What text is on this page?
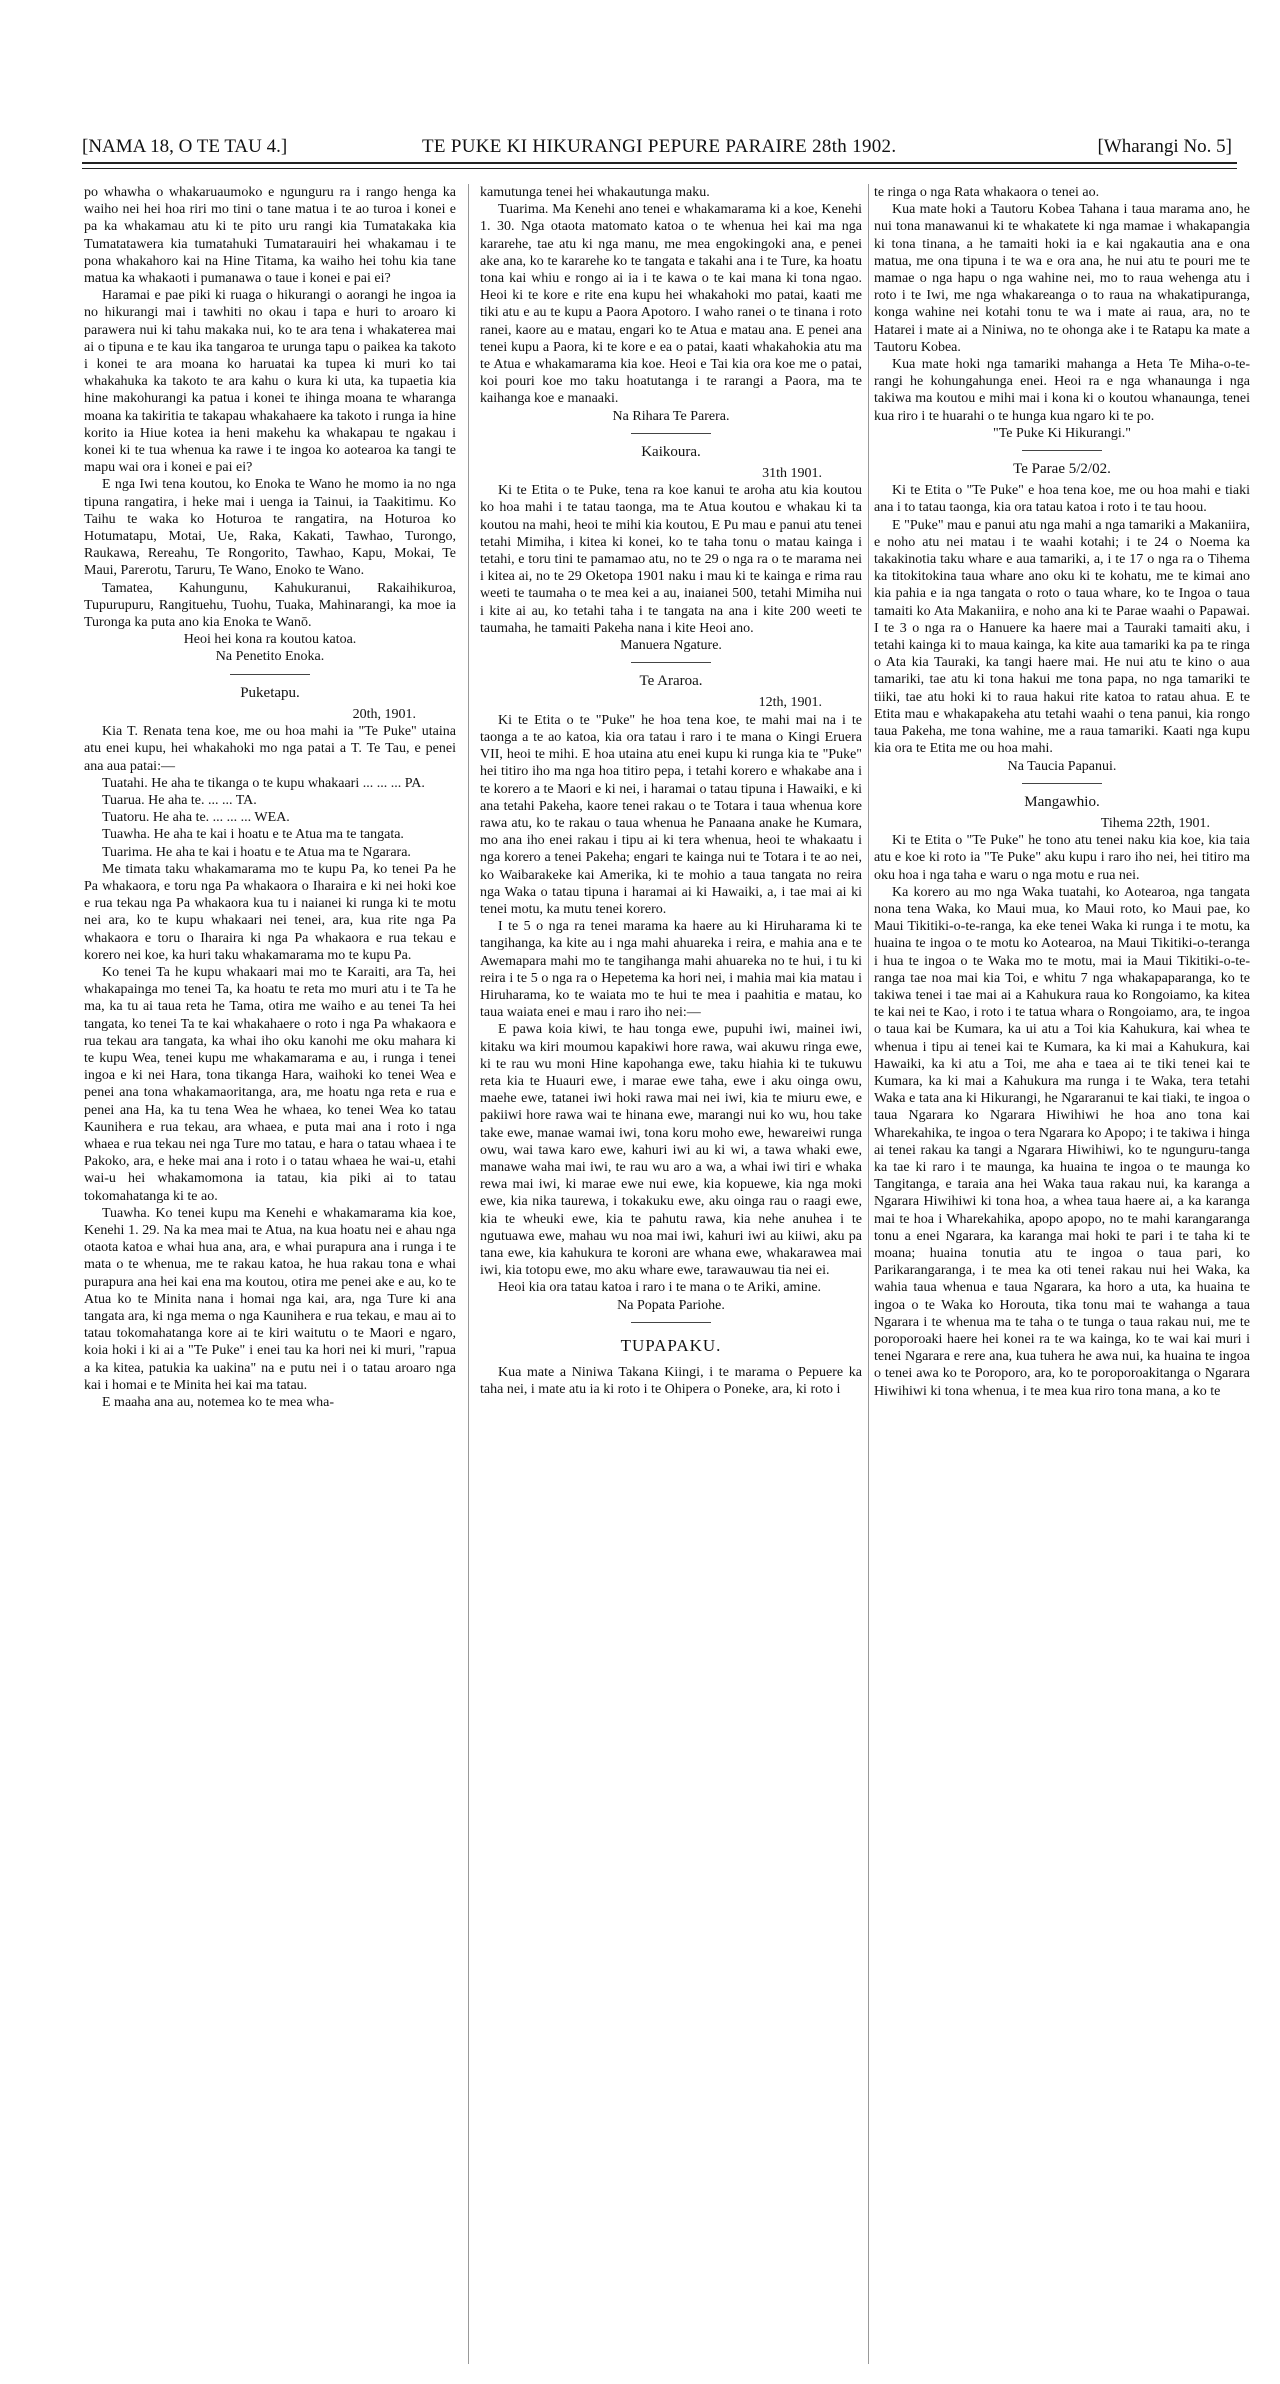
[NAMA 18, O TE TAU 4.]	TE PUKE KI HIKURANGI PEPURE PARAIRE 28th 1902.	[Wharangi No. 5]

po whawha o whakaruaumoko e ngunguru ra i rango henga ka waiho nei hei hoa riri mo tini o tane matua i te ao turoa i konei e pa ka whakamau atu ki te pito uru rangi kia Tumatakaka kia Tumatatawera kia tumatahuki Tumatarauiri hei whakamau i te pona whakahoro kai na Hine Titama, ka waiho hei tohu kia tane matua ka whakaoti i pumanawa o taue i konei e pai ei?

Haramai e pae piki ki ruaga o hikurangi o aorangi he ingoa ia no hikurangi mai i tawhiti no okau i tapa e huri to aroaro ki parawera nui ki tahu makaka nui, ko te ara tena i whakaterea mai ai o tipuna e te kau ika tangaroa te urunga tapu o paikea ka takoto i konei te ara moana ko haruatai ka tupea ki muri ko tai whakahuka ka takoto te ara kahu o kura ki uta, ka tupaetia kia hine makohurangi ka patua i konei te ihinga moana te wharanga moana ka takiritia te takapau whakahaere ka takoto i runga ia hine korito ia Hiue kotea ia heni makehu ka whakapau te ngakau i konei ki te tua whenua ka rawe i te ingoa ko aotearoa ka tangi te mapu wai ora i konei e pai ei?

E nga Iwi tena koutou, ko Enoka te Wano he momo ia no nga tipuna rangatira, i heke mai i uenga ia Tainui, ia Taakitimu. Ko Taihu te waka ko Hoturoa te rangatira, na Hoturoa ko Hotumatapu, Motai, Ue, Raka, Kakati, Tawhao, Turongo, Raukawa, Rereahu, Te Rongorito, Tawhao, Kapu, Mokai, Te Maui, Parerotu, Taruru, Te Wano, Enoko te Wano.

Tamatea, Kahungunu, Kahukuranui, Rakaihikuroa, Tupurupuru, Rangituehu, Tuohu, Tuaka, Mahinarangi, ka moe ia Turonga ka puta ano kia Enoka te Wanō.

Heoi hei kona ra koutou katoa.

Na Penetito Enoka.

Puketapu.

20th, 1901.

Kia T. Renata tena koe, me ou hoa mahi ia "Te Puke" utaina atu enei kupu, hei whakahoki mo nga patai a T. Te Tau, e penei ana aua patai:—

Tuatahi. He aha te tikanga o te kupu whakaari ... ... ... PA.

Tuarua. He aha te. ... ... TA.

Tuatoru. He aha te. ... ... ... WEA.

Tuawha. He aha te kai i hoatu e te Atua ma te tangata.

Tuarima. He aha te kai i hoatu e te Atua ma te Ngarara.

Me timata taku whakamarama mo te kupu Pa, ko tenei Pa he Pa whakaora, e toru nga Pa whakaora o Iharaira e ki nei hoki koe e rua tekau nga Pa whakaora kua tu i naianei ki runga ki te motu nei ara, ko te kupu whakaari nei tenei, ara, kua rite nga Pa whakaora e toru o Iharaira ki nga Pa whakaora e rua tekau e korero nei koe, ka huri taku whakamarama mo te kupu Pa.

Ko tenei Ta he kupu whakaari mai mo te Karaiti, ara Ta, hei whakapainga mo tenei Ta, ka hoatu te reta mo muri atu i te Ta he ma, ka tu ai taua reta he Tama, otira me waiho e au tenei Ta hei tangata, ko tenei Ta te kai whakahaere o roto i nga Pa whakaora e rua tekau ara tangata, ka whai iho oku kanohi me oku mahara ki te kupu Wea, tenei kupu me whakamarama e au, i runga i tenei ingoa e ki nei Hara, tona tikanga Hara, waihoki ko tenei Wea e penei ana tona whakamaoritanga, ara, me hoatu nga reta e rua e penei ana Ha, ka tu tena Wea he whaea, ko tenei Wea ko tatau Kaunihera e rua tekau, ara whaea, e puta mai ana i roto i nga whaea e rua tekau nei nga Ture mo tatau, e hara o tatau whaea i te Pakoko, ara, e heke mai ana i roto i o tatau whaea he wai-u, etahi wai-u hei whakamomona ia tatau, kia piki ai to tatau tokomahatanga ki te ao.

Tuawha. Ko tenei kupu ma Kenehi e whakamarama kia koe, Kenehi 1. 29. Na ka mea mai te Atua, na kua hoatu nei e ahau nga otaota katoa e whai hua ana, ara, e whai purapura ana i runga i te mata o te whenua, me te rakau katoa, he hua rakau tona e whai purapura ana hei kai ena ma koutou, otira me penei ake e au, ko te Atua ko te Minita nana i homai nga kai, ara, nga Ture ki ana tangata ara, ki nga mema o nga Kaunihera e rua tekau, e mau ai to tatau tokomahatanga kore ai te kiri waitutu o te Maori e ngaro, koia hoki i ki ai a "Te Puke" i enei tau ka hori nei ki muri, "rapua a ka kitea, patukia ka uakina" na e putu nei i o tatau aroaro nga kai i homai e te Minita hei kai ma tatau.

E maaha ana au, notemea ko te mea wha-

kamutunga tenei hei whakautunga maku.

Tuarima. Ma Kenehi ano tenei e whakamarama ki a koe, Kenehi 1. 30. Nga otaota matomato katoa o te whenua hei kai ma nga kararehe, tae atu ki nga manu, me mea engokingoki ana, e penei ake ana, ko te kararehe ko te tangata e takahi ana i te Ture, ka hoatu tona kai whiu e rongo ai ia i te kawa o te kai mana ki tona ngao. Heoi ki te kore e rite ena kupu hei whakahoki mo patai, kaati me tiki atu e au te kupu a Paora Apotoro. I waho ranei o te tinana i roto ranei, kaore au e matau, engari ko te Atua e matau ana. E penei ana tenei kupu a Paora, ki te kore e ea o patai, kaati whakahokia atu ma te Atua e whakamarama kia koe. Heoi e Tai kia ora koe me o patai, koi pouri koe mo taku hoatutanga i te rarangi a Paora, ma te kaihanga koe e manaaki.

Na Rihara Te Parera.

Kaikoura.

31th 1901.

Ki te Etita o te Puke, tena ra koe kanui te aroha atu kia koutou ko hoa mahi i te tatau taonga, ma te Atua koutou e whakau ki ta koutou na mahi, heoi te mihi kia koutou, E Pu mau e panui atu tenei tetahi Mimiha, i kitea ki konei, ko te taha tonu o matau kainga i tetahi, e toru tini te pamamao atu, no te 29 o nga ra o te marama nei i kitea ai, no te 29 Oketopa 1901 naku i mau ki te kainga e rima rau weeti te taumaha o te mea kei a au, inaianei 500, tetahi Mimiha nui i kite ai au, ko tetahi taha i te tangata na ana i kite 200 weeti te taumaha, he tamaiti Pakeha nana i kite Heoi ano.

Manuera Ngature.

Te Araroa.

12th, 1901.

Ki te Etita o te "Puke" he hoa tena koe, te mahi mai na i te taonga a te ao katoa, kia ora tatau i raro i te mana o Kingi Eruera VII, heoi te mihi. E hoa utaina atu enei kupu ki runga kia te "Puke" hei titiro iho ma nga hoa titiro pepa, i tetahi korero e whakabe ana i te korero a te Maori e ki nei, i haramai o tatau tipuna i Hawaiki, e ki ana tetahi Pakeha, kaore tenei rakau o te Totara i taua whenua kore rawa atu, ko te rakau o taua whenua he Panaana anake he Kumara, mo ana iho enei rakau i tipu ai ki tera whenua, heoi te whakaatu i nga korero a tenei Pakeha; engari te kainga nui te Totara i te ao nei, ko Waibarakeke kai Amerika, ki te mohio a taua tangata no reira nga Waka o tatau tipuna i haramai ai ki Hawaiki, a, i tae mai ai ki tenei motu, ka mutu tenei korero.

I te 5 o nga ra tenei marama ka haere au ki Hiruharama ki te tangihanga, ka kite au i nga mahi ahuareka i reira, e mahia ana e te Awemapara mahi mo te tangihanga mahi ahuareka no te hui, i tu ki reira i te 5 o nga ra o Hepetema ka hori nei, i mahia mai kia matau i Hiruharama, ko te waiata mo te hui te mea i paahitia e matau, ko taua waiata enei e mau i raro iho nei:—

E pawa koia kiwi, te hau tonga ewe, pupuhi iwi, mainei iwi, kitaku wa kiri moumou kapakiwi hore rawa, wai akuwu ringa ewe, ki te rau wu moni Hine kapohanga ewe, taku hiahia ki te tukuwu reta kia te Huauri ewe, i marae ewe taha, ewe i aku oinga owu, maehe ewe, tatanei iwi hoki rawa mai nei iwi, kia te miuru ewe, e pakiiwi hore rawa wai te hinana ewe, marangi nui ko wu, hou take take ewe, manae wamai iwi, tona koru moho ewe, hewareiwi runga owu, wai tawa karo ewe, kahuri iwi au ki wi, a tawa whaki ewe, manawe waha mai iwi, te rau wu aro a wa, a whai iwi tiri e whaka rewa mai iwi, ki marae ewe nui ewe, kia kopuewe, kia nga moki ewe, kia nika taurewa, i tokakuku ewe, aku oinga rau o raagi ewe, kia te wheuki ewe, kia te pahutu rawa, kia nehe anuhea i te ngutuawa ewe, mahau wu noa mai iwi, kahuri iwi au kiiwi, aku pa tana ewe, kia kahukura te koroni are whana ewe, whakarawea mai iwi, kia totopu ewe, mo aku whare ewe, tarawauwau tia nei ei.

Heoi kia ora tatau katoa i raro i te mana o te Ariki, amine.

Na Popata Pariohe.

TUPAPAKU.

Kua mate a Niniwa Takana Kiingi, i te marama o Pepuere ka taha nei, i mate atu ia ki roto i te Ohipera o Poneke, ara, ki roto i

te ringa o nga Rata whakaora o tenei ao.

Kua mate hoki a Tautoru Kobea Tahana i taua marama ano, he nui tona manawanui ki te whakatete ki nga mamae i whakapangia ki tona tinana, a he tamaiti hoki ia e kai ngakautia ana e ona matua, me ona tipuna i te wa e ora ana, he nui atu te pouri me te mamae o nga hapu o nga wahine nei, mo to raua wehenga atu i roto i te Iwi, me nga whakareanga o to raua na whakatipuranga, konga wahine nei kotahi tonu te wa i mate ai raua, ara, no te Hatarei i mate ai a Niniwa, no te ohonga ake i te Ratapu ka mate a Tautoru Kobea.

Kua mate hoki nga tamariki mahanga a Heta Te Miha-o-te-rangi he kohungahunga enei. Heoi ra e nga whanaunga i nga takiwa ma koutou e mihi mai i kona ki o koutou whanaunga, tenei kua riro i te huarahi o te hunga kua ngaro ki te po.

"Te Puke Ki Hikurangi."

Te Parae 5/2/02.

Ki te Etita o "Te Puke" e hoa tena koe, me ou hoa mahi e tiaki ana i to tatau taonga, kia ora tatau katoa i roto i te tau hoou.

E "Puke" mau e panui atu nga mahi a nga tamariki a Makaniira, e noho atu nei matau i te waahi kotahi; i te 24 o Noema ka takakinotia taku whare e aua tamariki, a, i te 17 o nga ra o Tihema ka titokitokina taua whare ano oku ki te kohatu, me te kimai ano kia pahia e ia nga tangata o roto o taua whare, ko te Ingoa o taua tamaiti ko Ata Makaniira, e noho ana ki te Parae waahi o Papawai. I te 3 o nga ra o Hanuere ka haere mai a Tauraki tamaiti aku, i tetahi kainga ki to maua kainga, ka kite aua tamariki ka pa te ringa o Ata kia Tauraki, ka tangi haere mai. He nui atu te kino o aua tamariki, tae atu ki tona hakui me tona papa, no nga tamariki te tiiki, tae atu hoki ki to raua hakui rite katoa to ratau ahua. E te Etita mau e whakapakeha atu tetahi waahi o tena panui, kia rongo taua Pakeha, me tona wahine, me a raua tamariki. Kaati nga kupu kia ora te Etita me ou hoa mahi.

Na Taucia Papanui.

Mangawhio.

Tihema 22th, 1901.

Ki te Etita o "Te Puke" he tono atu tenei naku kia koe, kia taia atu e koe ki roto ia "Te Puke" aku kupu i raro iho nei, hei titiro ma oku hoa i nga taha e waru o nga motu e rua nei.

Ka korero au mo nga Waka tuatahi, ko Aotearoa, nga tangata nona tena Waka, ko Maui mua, ko Maui roto, ko Maui pae, ko Maui Tikitiki-o-te-ranga, ka eke tenei Waka ki runga i te motu, ka huaina te ingoa o te motu ko Aotearoa, na Maui Tikitiki-o-teranga i hua te ingoa o te Waka mo te motu, mai ia Maui Tikitiki-o-te-ranga tae noa mai kia Toi, e whitu 7 nga whakapaparanga, ko te takiwa tenei i tae mai ai a Kahukura raua ko Rongoiamo, ka kitea te kai nei te Kao, i roto i te tatua whara o Rongoiamo, ara, te ingoa o taua kai be Kumara, ka ui atu a Toi kia Kahukura, kai whea te whenua i tipu ai tenei kai te Kumara, ka ki mai a Kahukura, kai Hawaiki, ka ki atu a Toi, me aha e taea ai te tiki tenei kai te Kumara, ka ki mai a Kahukura ma runga i te Waka, tera tetahi Waka e tata ana ki Hikurangi, he Ngararanui te kai tiaki, te ingoa o taua Ngarara ko Ngarara Hiwihiwi he hoa ano tona kai Wharekahika, te ingoa o tera Ngarara ko Apopo; i te takiwa i hinga ai tenei rakau ka tangi a Ngarara Hiwihiwi, ko te ngunguru-tanga ka tae ki raro i te maunga, ka huaina te ingoa o te maunga ko Tangitanga, e taraia ana hei Waka taua rakau nui, ka karanga a Ngarara Hiwihiwi ki tona hoa, a whea taua haere ai, a ka karanga mai te hoa i Wharekahika, apopo apopo, no te mahi karangaranga tonu a enei Ngarara, ka karanga mai hoki te pari i te taha ki te moana; huaina tonutia atu te ingoa o taua pari, ko Parikarangaranga, i te mea ka oti tenei rakau nui hei Waka, ka wahia taua whenua e taua Ngarara, ka horo a uta, ka huaina te ingoa o te Waka ko Horouta, tika tonu mai te wahanga a taua Ngarara i te whenua ma te taha o te tunga o taua rakau nui, me te poroporoaki haere hei konei ra te wa kainga, ko te wai kai muri i tenei Ngarara e rere ana, kua tuhera he awa nui, ka huaina te ingoa o tenei awa ko te Poroporo, ara, ko te poroporoakitanga o Ngarara Hiwihiwi ki tona whenua, i te mea kua riro tona mana, a ko te
